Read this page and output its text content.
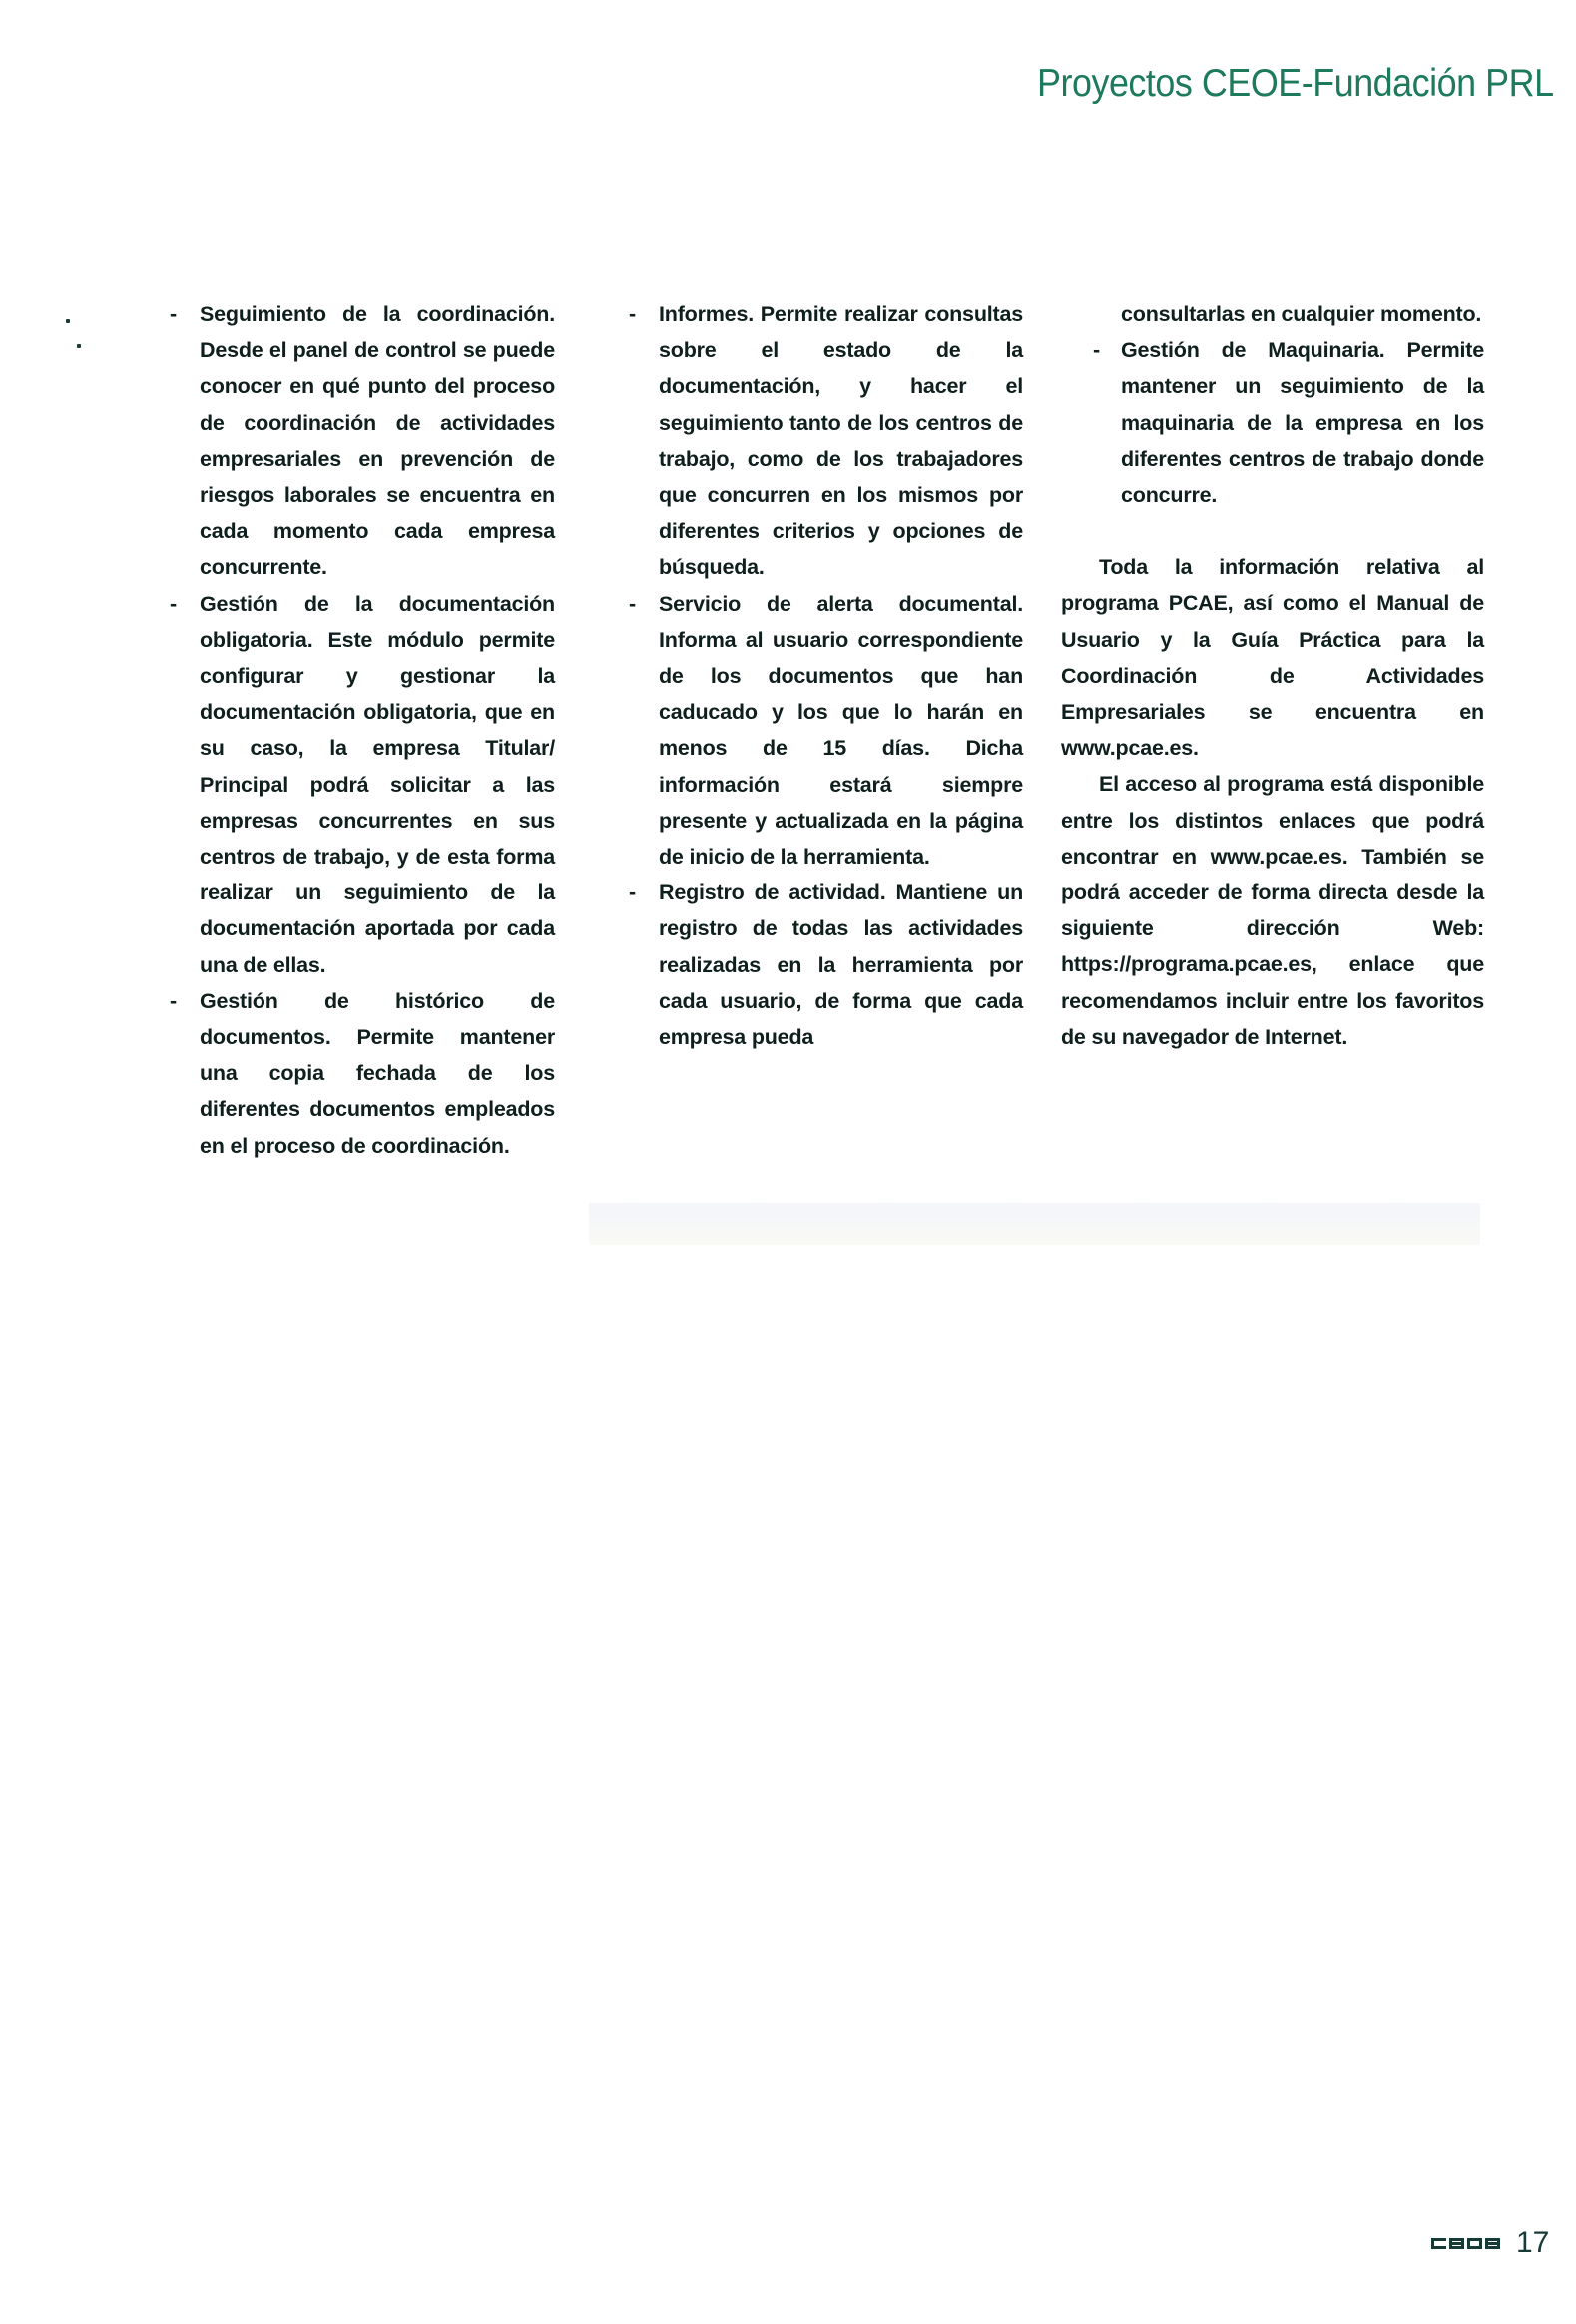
Proyectos CEOE-Fundación PRL

- Seguimiento de la coordinación. Desde el panel de control se puede conocer en qué punto del proceso de coordinación de actividades empresariales en prevención de riesgos laborales se encuentra en cada momento cada empresa concurrente.

- Gestión de la documentación obligatoria. Este módulo permite configurar y gestionar la documentación obligatoria, que en su caso, la empresa Titular/ Principal podrá solicitar a las empresas concurrentes en sus centros de trabajo, y de esta forma realizar un seguimiento de la documentación aportada por cada una de ellas.

- Gestión de histórico de documentos. Permite mantener una copia fechada de los diferentes documentos empleados en el proceso de coordinación.

- Informes. Permite realizar consultas sobre el estado de la documentación, y hacer el seguimiento tanto de los centros de trabajo, como de los trabajadores que concurren en los mismos por diferentes criterios y opciones de búsqueda.

- Servicio de alerta documental. Informa al usuario correspondiente de los documentos que han caducado y los que lo harán en menos de 15 días. Dicha información estará siempre presente y actualizada en la página de inicio de la herramienta.

- Registro de actividad. Mantiene un registro de todas las actividades realizadas en la herramienta por cada usuario, de forma que cada empresa pueda

consultarlas en cualquier momento.

- Gestión de Maquinaria. Permite mantener un seguimiento de la maquinaria de la empresa en los diferentes centros de trabajo donde concurre.

Toda la información relativa al programa PCAE, así como el Manual de Usuario y la Guía Práctica para la Coordinación de Actividades Empresariales se encuentra en www.pcae.es.

El acceso al programa está disponible entre los distintos enlaces que podrá encontrar en www.pcae.es. También se podrá acceder de forma directa desde la siguiente dirección Web: https://programa.pcae.es, enlace que recomendamos incluir entre los favoritos de su navegador de Internet.

17
